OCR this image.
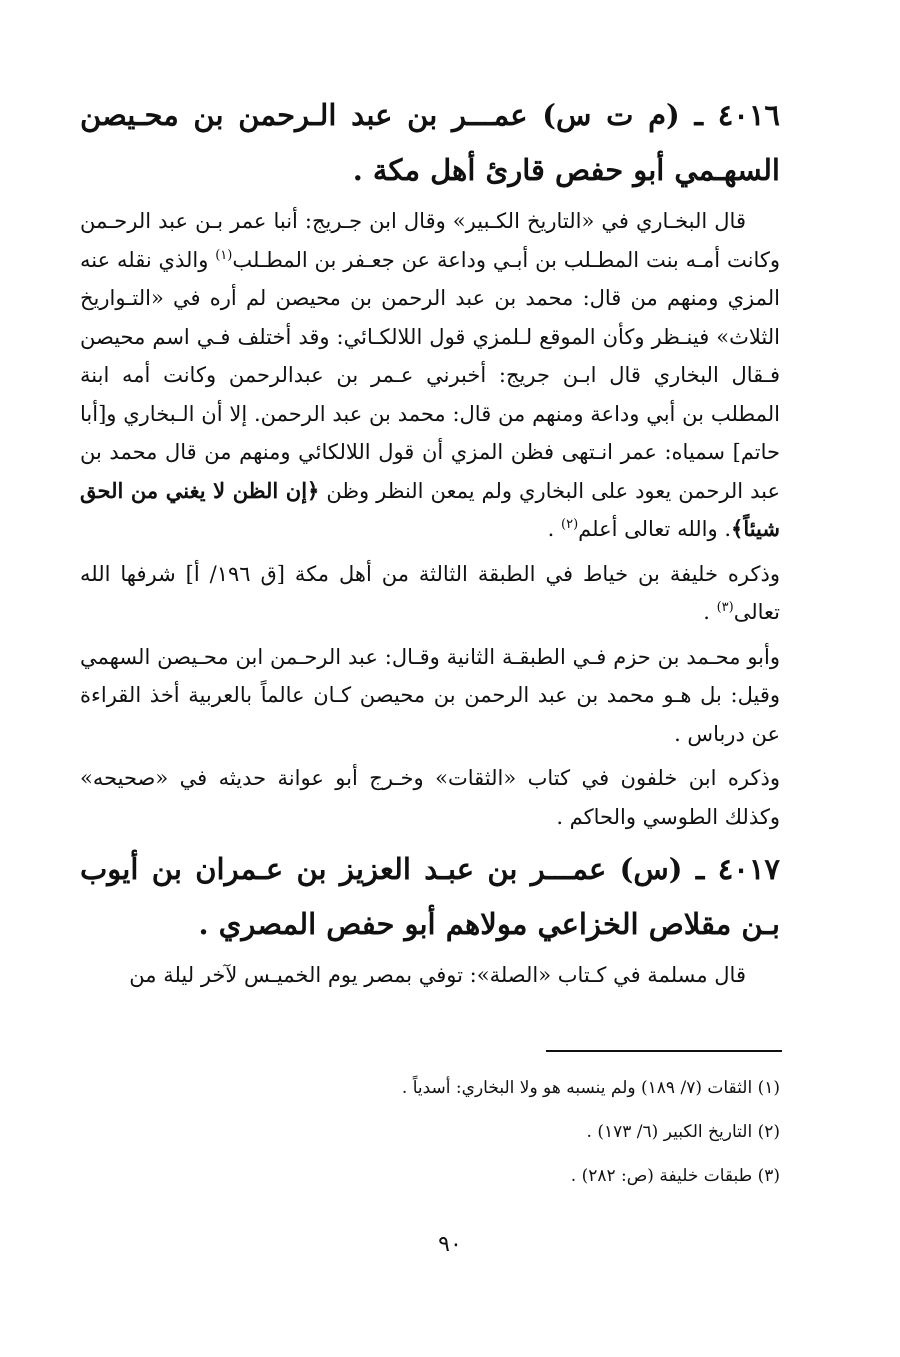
٤٠١٦ ـ (م ت س) عمـــر بن عبد الـرحمن بن محـيصن السهـمي أبو حفص قارئ أهل مكة .

قال البخـاري في «التاريخ الكـبير» وقال ابن جـريج: أنبا عمر بـن عبد الرحـمن وكانت أمـه بنت المطـلب بن أبـي وداعة عن جعـفر بن المطـلب$^{(١)}$ والذي نقله عنه المزي ومنهم من قال: محمد بن عبد الرحمن بن محيصن لم أره في «التـواريخ الثلاث» فينـظر وكأن الموقع لـلمزي قول اللالكـائي: وقد أختلف فـي اسم محيصن فـقال البخاري قال ابـن جريج: أخبرني عـمر بن عبدالرحمن وكانت أمه ابنة المطلب بن أبي وداعة ومنهم من قال: محمد بن عبد الرحمن. إلا أن الـبخاري و[أبا حاتم] سمياه: عمر انـتهى فظن المزي أن قول اللالكائي ومنهم من قال محمد بن عبد الرحمن يعود على البخاري ولم يمعن النظر وظن ﴿إن الظن لا يغني من الحق شيئاً﴾. والله تعالى أعلم$^{(٢)}$ .

وذكره خليفة بن خياط في الطبقة الثالثة من أهل مكة [ق ١٩٦/ أ] شرفها الله تعالى$^{(٣)}$ .

وأبو محـمد بن حزم فـي الطبقـة الثانية وقـال: عبد الرحـمن ابن محـيصن السهمي وقيل: بل هـو محمد بن عبد الرحمن بن محيصن كـان عالماً بالعربية أخذ القراءة عن درباس .

وذكره ابن خلفون في كتاب «الثقات» وخـرج أبو عوانة حديثه في «صحيحه» وكذلك الطوسي والحاكم .

٤٠١٧ ـ (س) عمـــر بن عبـد العزيز بن عـمران بن أيوب بـن مقلاص الخزاعي مولاهم أبو حفص المصري .

قال مسلمة في كـتاب «الصلة»: توفي بمصر يوم الخميـس لآخر ليلة من

(١) الثقات (٧/ ١٨٩) ولم ينسبه هو ولا البخاري: أسدياً .

(٢) التاريخ الكبير (٦/ ١٧٣) .

(٣) طبقات خليفة (ص: ٢٨٢) .

٩٠
